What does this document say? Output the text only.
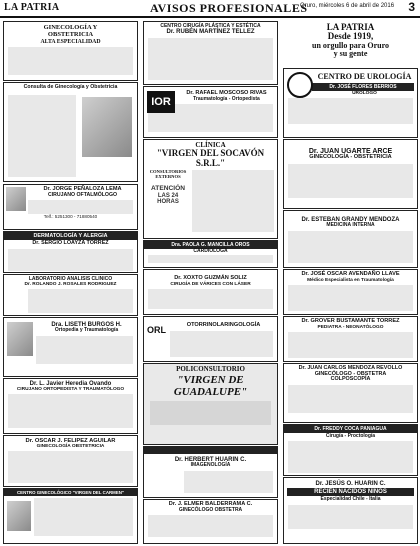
LA PATRIA	AVISOS PROFESIONALES
Oruro, miércoles 6 de abril de 2016 3
GINECOLOGÍA Y
OBSTETRICIA
ALTA ESPECIALIDAD
Consulta de Ginecología y Obstetricia
Dr. JORGE PEÑALOZA LEMA
CIRUJANO OFTALMÓLOGO
Telf.: 5251300 - 71880540
DERMATOLOGÍA Y ALERGIA
Dr. SERGIO LOAYZA TORREZ
LABORATORIO ANALISIS CLINICO
Dr. ROLANDO J. ROSALES RODRIGUEZ
Dra. LISETH BURGOS H.
Ortopedia y Traumatología
Dr. L. Javier Heredia Ovando
CIRUJANO ORTOPEDISTA Y TRAUMATÓLOGO
Dr. OSCAR J. FELIPEZ AGUILAR
GINECOLOGÍA OBSTETRICIA
CENTRO GINECOLÓGICO "VIRGEN DEL CARMEN"
CENTRO CIRUGÍA PLÁSTICA Y ESTÉTICA
Dr. RUBÉN MARTÍNEZ TELLEZ
IOR
Dr. RAFAEL MOSCOSO RIVAS
Traumatología - Ortopedista
CLÍNICA
"VIRGEN DEL SOCAVÓN S.R.L."
CONSULTORIOS
EXTERNOS
ATENCIÓN
LAS 24 HORAS
Dra. PAOLA G. MANCILLA OROS
CARDIÓLOGA
Dr. XOXTO GUZMÁN SOLIZ
CIRUGÍA DE VÁRICES CON LÁSER
ORL	OTORRINOLARINGOLOGÍA
POLICONSULTORIO
"VIRGEN DE
GUADALUPE"
Dr. HERBERT HUARIN C.
IMAGENOLOGÍA
Dr. J. ELMER BALDERRAMA C.
GINECÓLOGO OBSTETRA
LA PATRIA
Desde 1919,
un orgullo para Oruro
y su gente
CENTRO DE UROLOGÍA
Dr. JOSÉ FLORES BERRIOS
UROLOGO
Dr. JUAN UGARTE ARCE
GINECOLOGÍA - OBSTETRICIA
Dr. ESTEBAN GRANDY MENDOZA
MEDICINA INTERNA
Dr. JOSÉ OSCAR AVENDAÑO LLAVE
Médico Especialista en Traumatología
Dr. GROVER BUSTAMANTE TORREZ
PEDIATRA - NEONATÓLOGO
Dr. JUAN CARLOS MENDOZA REVOLLO
GINECÓLOGO - OBSTETRA
COLPOSCOPÍA
Dr. FREDDY COCA PANIAGUA
Cirugía - Proctología
Dr. JESÚS O. HUARIN C.
RECIÉN NACIDOS NIÑOS
Especialidad Chile - Italia
